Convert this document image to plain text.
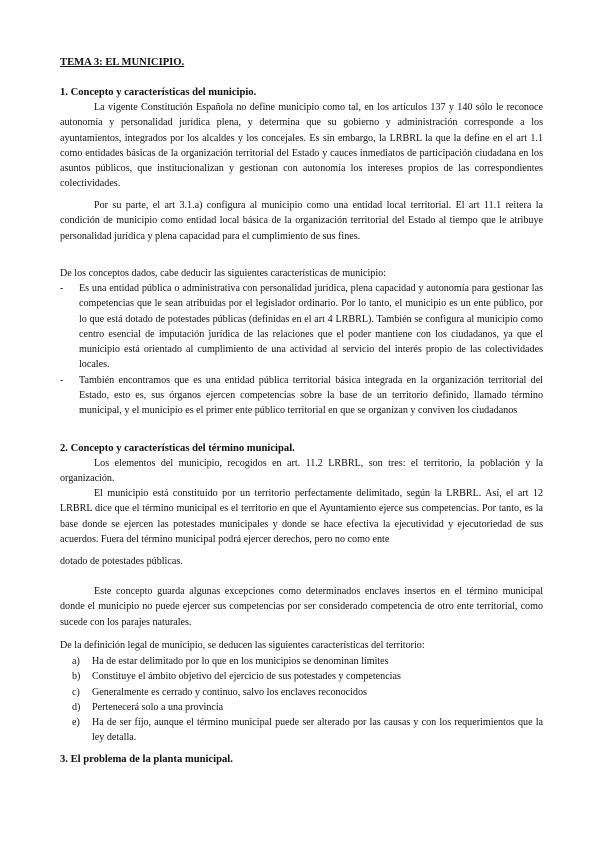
TEMA 3: EL MUNICIPIO.
1. Concepto y características del municipio.

La vigente Constitución Española no define municipio como tal, en los artículos 137 y 140 sólo le reconoce autonomía y personalidad jurídica plena, y determina que su gobierno y administración corresponde a los ayuntamientos, integrados por los alcaldes y los concejales. Es sin embargo, la LRBRL la que la define en el art 1.1 como entidades básicas de la organización territorial del Estado y cauces inmediatos de participación ciudadana en los asuntos públicos, que institucionalizan y gestionan con autonomía los intereses propios de las correspondientes colectividades.

Por su parte, el art 3.1.a) configura al municipio como una entidad local territorial. El art 11.1 reitera la condición de municipio como entidad local básica de la organización territorial del Estado al tiempo que le atribuye personalidad jurídica y plena capacidad para el cumplimiento de sus fines.

De los conceptos dados, cabe deducir las siguientes características de municipio:

- Es una entidad pública o administrativa con personalidad jurídica, plena capacidad y autonomía para gestionar las competencias que le sean atribuidas por el legislador ordinario. Por lo tanto, el municipio es un ente público, por lo que está dotado de potestades públicas (definidas en el art 4 LRBRL). También se configura al municipio como centro esencial de imputación jurídica de las relaciones que el poder mantiene con los ciudadanos, ya que el municipio está orientado al cumplimiento de una actividad al servicio del interés propio de las colectividades locales.
- También encontramos que es una entidad pública territorial básica integrada en la organización territorial del Estado, esto es, sus órganos ejercen competencias sobre la base de un territorio definido, llamado término municipal, y el municipio es el primer ente público territorial en que se organizan y conviven los ciudadanos
2. Concepto y características del término municipal.

Los elementos del municipio, recogidos en art. 11.2 LRBRL, son tres: el territorio, la población y la organización.

El municipio está constituido por un territorio perfectamente delimitado, según la LRBRL. Así, el art 12 LRBRL dice que el término municipal es el territorio en que el Ayuntamiento ejerce sus competencias. Por tanto, es la base donde se ejercen las potestades municipales y donde se hace efectiva la ejecutividad y ejecutoriedad de sus acuerdos. Fuera del término municipal podrá ejercer derechos, pero no como ente

dotado de potestades públicas.

Este concepto guarda algunas excepciones como determinados enclaves insertos en el término municipal donde el municipio no puede ejercer sus competencias por ser considerado competencia de otro ente territorial, como sucede con los parajes naturales.

De la definición legal de municipio, se deducen las siguientes características del territorio:

a) Ha de estar delimitado por lo que en los municipios se denominan límites
b) Constituye el ámbito objetivo del ejercicio de sus potestades y competencias
c) Generalmente es cerrado y continuo, salvo los enclaves reconocidos
d) Pertenecerá solo a una provincia
e) Ha de ser fijo, aunque el término municipal puede ser alterado por las causas y con los requerimientos que la ley detalla.
3. El problema de la planta municipal.
